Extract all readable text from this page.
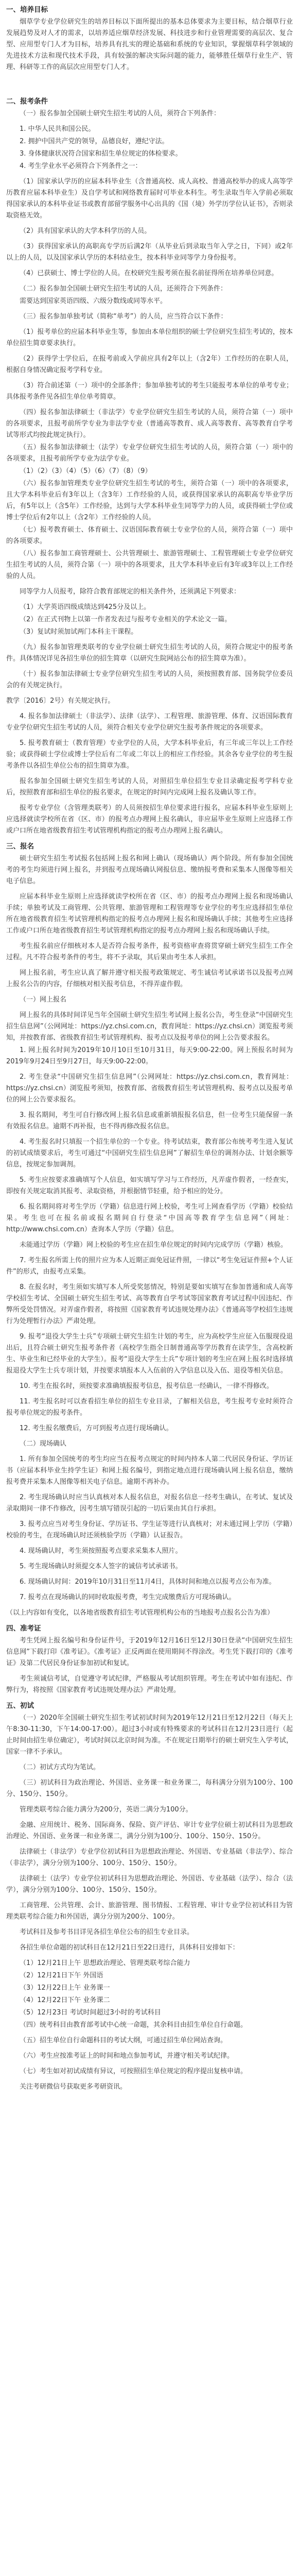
一、培养目标
烟草学专业学位研究生的培养目标以下面所提出的基本总体要求为主要目标，结合烟草行业发展趋势及对人才的需求，以培养适应烟草经济发展、科技进步和行业管理需要的高层次、复合型、应用型专门人才为目标，培养具有扎实的理论基础和系统的专业知识，掌握烟草科学领域的先进技术方法和现代技术手段，具有较强的解决实际问题的能力，能够胜任烟草行业生产、管理、科研等工作的高层次应用型专门人才。
二、报考条件
（一）报名参加全国硕士研究生招生考试的人员，须符合下列条件：
1. 中华人民共和国公民。
2. 拥护中国共产党的领导，品德良好，遵纪守法。
3. 身体健康状况符合国家和招生单位规定的体检要求。
4. 考生学业水平必须符合下列条件之一：
（1）国家承认学历的应届本科毕业生（含普通高校、成人高校、普通高校举办的成人高等学历教育应届本科毕业生）及自学考试和网络教育届时可毕业本科生。考生录取当年入学前必须取得国家承认的本科毕业证书或教育部留学服务中心出具的《国（境）外学历学位认证书》，否则录取资格无效。
（2）具有国家承认的大学本科学历的人员。
（3）获得国家承认的高职高专学历后满2年（从毕业后到录取当年入学之日，下同）或2年以上的人员，以及国家承认学历的本科结业生，按本科毕业同等学力身份报考。
（4）已获硕士、博士学位的人员。在校研究生报考须在报名前征得所在培养单位同意。
（二）报名参加全国硕士研究生招生考试的人员，还须符合下列条件：
需要达到国家英语四级、六级分数线或同等水平。
（三）报名参加单独考试（简称“单考”）的人员，应当符合以下条件：
（1）报考单位的应届本科毕业生等，参加由本单位组织的硕士学位研究生招生考试的，按本单位招生简章要求执行。
（2）获得学士学位后，在报考前或入学前应具有2年以上（含2年）工作经历的在职人员，根据自身情况确定报考学科专业。
（3）符合前述第（一）项中的全部条件；参加单独考试的考生只能报考本单位的单考专业；具体报考条件见各招生单位单考简章。
（四）报名参加法律硕士（非法学）专业学位研究生招生考试的人员，须符合第（一）项中的各项要求，且报考前所学专业为非法学专业（普通高等教育、成人高等教育、高等教育自学考试等形式均按此规定执行）。
（五）报名参加法律硕士（法学）专业学位研究生招生考试的人员，须符合第（一）项中的各项要求，且报考前所学专业为法学专业。
（1）（2）（3）（4）（5）（6）（7）（8）（9）
（六）报名参加管理类专业学位研究生招生考试的考生，须符合第（一）项中的各项要求，且大学本科毕业后有3年以上（含3年）工作经验的人员，或获得国家承认的高职高专毕业学历后，有5年以上（含5年）工作经验，达到与大学本科毕业生同等学力的人员，或获得硕士学位或博士学位后有2年以上（含2年）工作经验的人员。
（七）报考教育硕士、体育硕士、汉语国际教育硕士专业学位的人员，须符合第（一）项中的各项要求。
（八）报名参加工商管理硕士、公共管理硕士、旅游管理硕士、工程管理硕士专业学位研究生招生考试的人员，须符合第（一）项中的各项要求，且大学本科毕业后有3年或3年以上工作经验的人员。
同等学力人员报考，除符合教育部规定的相关条件外，还须满足下列要求：
（1）大学英语四级成绩达到425分及以上。
（2）在正式刊物上以第一作者发表过与报考专业相关的学术论文一篇。
（3）复试时须加试两门本科主干课程。
（九）报名参加管理类联考的专业学位硕士研究生招生考试的人员，须符合规定中的报考条件。具体情况详见各招生单位的招生简章（以研究生院网站公布的招生简章为准）。
（十）报名参加法律硕士专业学位研究生招生考试的人员，须按照教育部、国务院学位委员会的有关规定执行。
教学〔2016〕2号）有关规定执行。
4. 报名参加法律硕士（非法学）、法律（法学）、工程管理、旅游管理、体育、汉语国际教育专业学位研究生招生考试的人员，须符合相关专业学位研究生报考条件规定的各项要求。
5. 报考教育硕士（教育管理）专业学位的人员，大学本科毕业后，有三年或三年以上工作经验；或获得硕士学位或博士学位后有二年或二年以上的相应工作经验。其余各专业学位的考生报考条件以各招生单位公布的招生简章为准。
报名参加全国硕士研究生招生考试的人员，对照招生单位招生专业目录确定报考学科专业后，按照教育部和招生单位的报名要求，在规定的时间内完成网上报名及确认等工作。
报考专业学位（含管理类联考）的人员须按招生单位要求进行报名，应届本科毕业生原则上应选择就读学校所在省（区、市）的报考点办理网上报名确认，非应届毕业生原则上应选择工作或户口所在地省级教育招生考试管理机构指定的报考点办理网上报名确认。
三、报名
硕士研究生招生考试报名包括网上报名和网上确认（现场确认）两个阶段。所有参加全国统考的考生均须进行网上报名，并到报考点现场确认网报信息、缴纳报考费和采集本人图像等相关电子信息。
应届本科毕业生原则上应选择就读学校所在省（区、市）的报考点办理网上报名和现场确认手续；单独考试及工商管理、公共管理、旅游管理和工程管理等专业学位的考生应选择招生单位所在地省级教育招生考试管理机构指定的报考点办理网上报名和现场确认手续；其他考生应选择工作或户口所在地省级教育招生考试管理机构指定的报考点办理网上报名和现场确认手续。
考生报名前应仔细核对本人是否符合报考条件，报考资格审查将贯穿硕士研究生招生工作全过程。凡不符合报考条件的考生，将不予录取，其后果由考生本人承担。
网上报名前，考生应认真了解并遵守相关报考政策规定、考生诚信考试承诺书以及报考点网上报名公告的内容，仔细核对相关报考信息，不得弄虚作假。
（一）网上报名
网上报名的具体时间详见当年全国硕士研究生招生考试网上报名公告，考生登录“中国研究生招生信息网”（公网网址：https://yz.chsi.com.cn，教育网址：https://yz.chsi.cn）浏览报考须知，并按教育部、省级教育招生考试管理机构、报考点以及报考单位的网上公告要求报名。
1. 网上报名时间为2019年10月10日至10月31日，每天9:00-22:00。网上预报名时间为2019年9月24日至9月27日，每天9:00-22:00。
2. 考生登录“中国研究生招生信息网”（公网网址：https://yz.chsi.com.cn，教育网址：https://yz.chsi.cn）浏览报考须知，按教育部、省级教育招生考试管理机构、报考点以及报考单位的网上公告要求报名。
3. 报名期间，考生可自行修改网上报名信息或重新填报报名信息，但一位考生只能保留一条有效报名信息。逾期不再补报，也不得再修改报名信息。
4. 考生报名时只填报一个招生单位的一个专业。待考试结束，教育部公布统考考生进入复试的初试成绩要求后，考生可通过“中国研究生招生信息网”了解招生单位的调剂办法、计划余额等信息，按规定参加调剂。
5. 考生应按要求准确填写个人信息，如实填写学习与工作经历，凡弄虚作假者，一经查实，即按有关规定取消其报考、录取资格，并根据情节轻重，给予相应的处分。
6. 报名期间将对考生学历（学籍）信息进行网上校验，考生可上网查看学历（学籍）校验结果。考生也可在报名前或报名期间自行登录“中国高等教育学生信息网”（网址：http://www.chsi.com.cn）查询本人学历（学籍）信息。
未能通过学历（学籍）网上校验的考生应在招生单位规定的时间内完成学历（学籍）核验。
7. 考生报名所需上传的照片应为本人近期正面免冠证件照，一律以“考生免冠证件照+个人证件”的形式，由报考点采集。
8. 在报名时，考生须如实填写本人所受奖惩情况，特别是要如实填写在参加普通和成人高等学校招生考试、全国硕士研究生招生考试、高等教育自学考试等国家教育考试过程中因违纪、作弊所受处罚情况。对弄虚作假者，将按照《国家教育考试违规处理办法》《普通高等学校招生违规行为处理暂行办法》严肃处理。
9. 报考“退役大学生士兵”专项硕士研究生招生计划的考生，应为高校学生应征入伍服现役退出后，且符合硕士研究生报考条件者（高校学生指全日制普通高等学历教育在读学生，含高校新生、毕业生和已经毕业的大学生）。报考“退役大学生士兵”专项计划的考生应在网上报名时选择填报退役大学生士兵专项计划，并按要求填报本人入伍前的入学信息以及入伍、退役等相关信息。
10. 考生在报名时，须按要求准确填报报考信息，报考信息一经确认，一律不得修改。
11. 考生报名时可以查看招生单位的招生专业目录，了解相关信息，考生报考专业时须符合报考单位规定的报考条件。
12. 考生报名缴费后，方可到报考点进行现场确认。
（二）现场确认
1. 所有参加全国统考的考生均应当在报考点规定的时间内持本人第二代居民身份证、学历证书（应届本科毕业生持学生证）和网上报名编号，到指定地点进行现场确认网上报名信息，缴纳报考费并采集本人图像等相关电子信息。逾期不再补办。
2. 考生现场确认时应当认真核对本人报名信息，对报名信息一经考生确认，在考试、复试及录取期间一律不作修改，因考生填写错误引起的一切后果由其自行承担。
3. 报考点应当对考生身份证、学历证书、学生证等进行认真核对；对未通过网上学历（学籍）校验的考生，在现场确认时还须核验学历（学籍）认证报告。
4. 现场确认时，考生须按照报考点要求采集本人照片。
5. 考生现场确认时须提交本人签字的诚信考试承诺书。
6. 现场确认时间：2019年10月31日至11月4日，具体时间和地点以报考点公布为准。
7. 报考点在现场确认的同时收取报考费，考生完成缴费后方可现场确认。
（以上内容如有变化，以各地省级教育招生考试管理机构公布的当地报考点报名公告为准）
四、准考证
考生凭网上报名编号和身份证件号，于2019年12月16日至12月30日登录“中国研究生招生信息网”下载打印《准考证》。《准考证》正反两面在使用期间不得涂改。考生凭下载打印的《准考证》及第二代居民身份证参加初试和复试。
考生须诚信考试，自觉遵守考试纪律，严格服从考试组织管理。考生在考试中如有违纪、作弊行为，将按照《国家教育考试违规处理办法》严肃处理。
五、初试
（一）2020年全国硕士研究生招生考试初试时间为2019年12月21日至12月22日（每天上午8:30-11:30，下午14:00-17:00）。超过3小时或有特殊要求的考试科目在12月23日进行（起止时间由招生单位确定），考试时间以北京时间为准。不在规定日期举行的硕士研究生入学考试，国家一律不予承认。
（二）初试方式均为笔试。
（三）初试科目为政治理论、外国语、业务课一和业务课二，每科满分分别为100分、100分、150分、150分。
管理类联考综合能力满分为200分，英语二满分为100分。
金融、应用统计、税务、国际商务、保险、资产评估、审计专业学位硕士初试科目为思想政治理论、外国语、业务课一和业务课二，满分分别为100分、100分、150分、150分。
法律硕士（非法学）专业学位初试科目为思想政治理论、外国语、专业基础（非法学）、综合（非法学），满分分别为100分、100分、150分、150分。
法律硕士（法学）专业学位初试科目为思想政治理论、外国语、专业基础（法学）、综合（法学），满分分别为100分、100分、150分、150分。
工商管理、公共管理、会计、旅游管理、图书情报、工程管理、审计专业学位初试科目为管理类联考综合能力和外国语，满分分别为200分、100分。
考试科目及参考书目详见各招生单位公布的招生专业目录。
各招生单位命题的初试科目在12月21日至22日进行，具体科目安排如下：
（1）12月21日上午 思想政治理论、管理类联考综合能力
（2）12月21日下午 外国语
（3）12月22日上午 业务课一
（4）12月22日下午 业务课二
（5）12月23日 考试时间超过3小时的考试科目
（四）统考科目由教育部考试中心统一命题，其余科目由招生单位自行命题。
（五）招生单位自行命题科目的考试大纲，可通过招生单位网站查询。
（六）考生应按准考证上的时间和地点参加考试，并遵守相关考试纪律。
（七）考生如对初试成绩有异议，可按照招生单位规定的程序提出复核申请。
关注考研微信号获取更多考研资讯。
